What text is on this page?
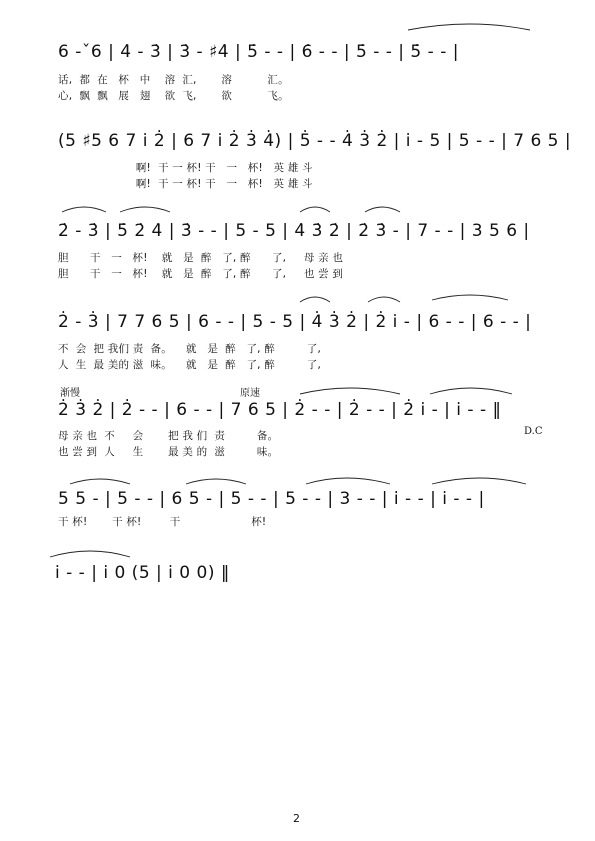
6 -ˇ6 | 4̇ - 3̇ | 3̇ - ♯4̇ | 5̇ - - | 6̇ - - | 5̇ - - | 5̇ - - |
话,  都  在   杯   中    溶  汇,       溶          汇。
心,  飘  飘   展   翅    欲  飞,       欲          飞。
(5 ♯5 6 7 i̇ 2̇ | 6 7 i̇ 2̇ 3̇ 4̇) | 5̇ - - 4̇ 3̇ 2̇ | i̇ - 5 | 5 - - | 7 6 5 |
啊!  干 一 杯! 干   一   杯!   英 雄 斗
啊!  干 一 杯! 干   一   杯!   英 雄 斗
2̇ - 3̇ | 5̇ 2̇ 4̇ | 3̇ - - | 5 - 5 | 4̇ 3̇ 2̇ | 2̇ 3̇ - | 7 - - | 3 5 6 |
胆      干   一   杯!    就   是  醉   了, 醉      了,     母 亲 也
胆      干   一   杯!    就   是  醉   了, 醉      了,     也 尝 到
2̇ - 3̇ | 7 7 6 5 | 6 - - | 5 - 5 | 4̇ 3̇ 2̇ | 2̇ i̇ - | 6 - - | 6 - - |
不  会  把 我们 责  备。    就   是  醉   了, 醉         了,
人  生  最 美的 滋  味。    就   是  醉   了, 醉         了,
渐慢	原速
2̇ 3̇ 2̇ | 2̇ - - | 6 - - | 7 6 5 | 2̇ - - | 2̇ - - | 2̇ i̇ - | i̇ - - ‖
D.C
母 亲 也  不     会       把 我 们  责         备。
也 尝 到  人     生       最 美 的  滋         味。
5 5 - | 5 - - | 6 5 - | 5 - - | 5 - - | 3 - - | i̇ - - | i̇ - - |
干 杯!       干 杯!        干                    杯!
i̇ - - | i̇ 0 (5 | i̇ 0 0) ‖
2
